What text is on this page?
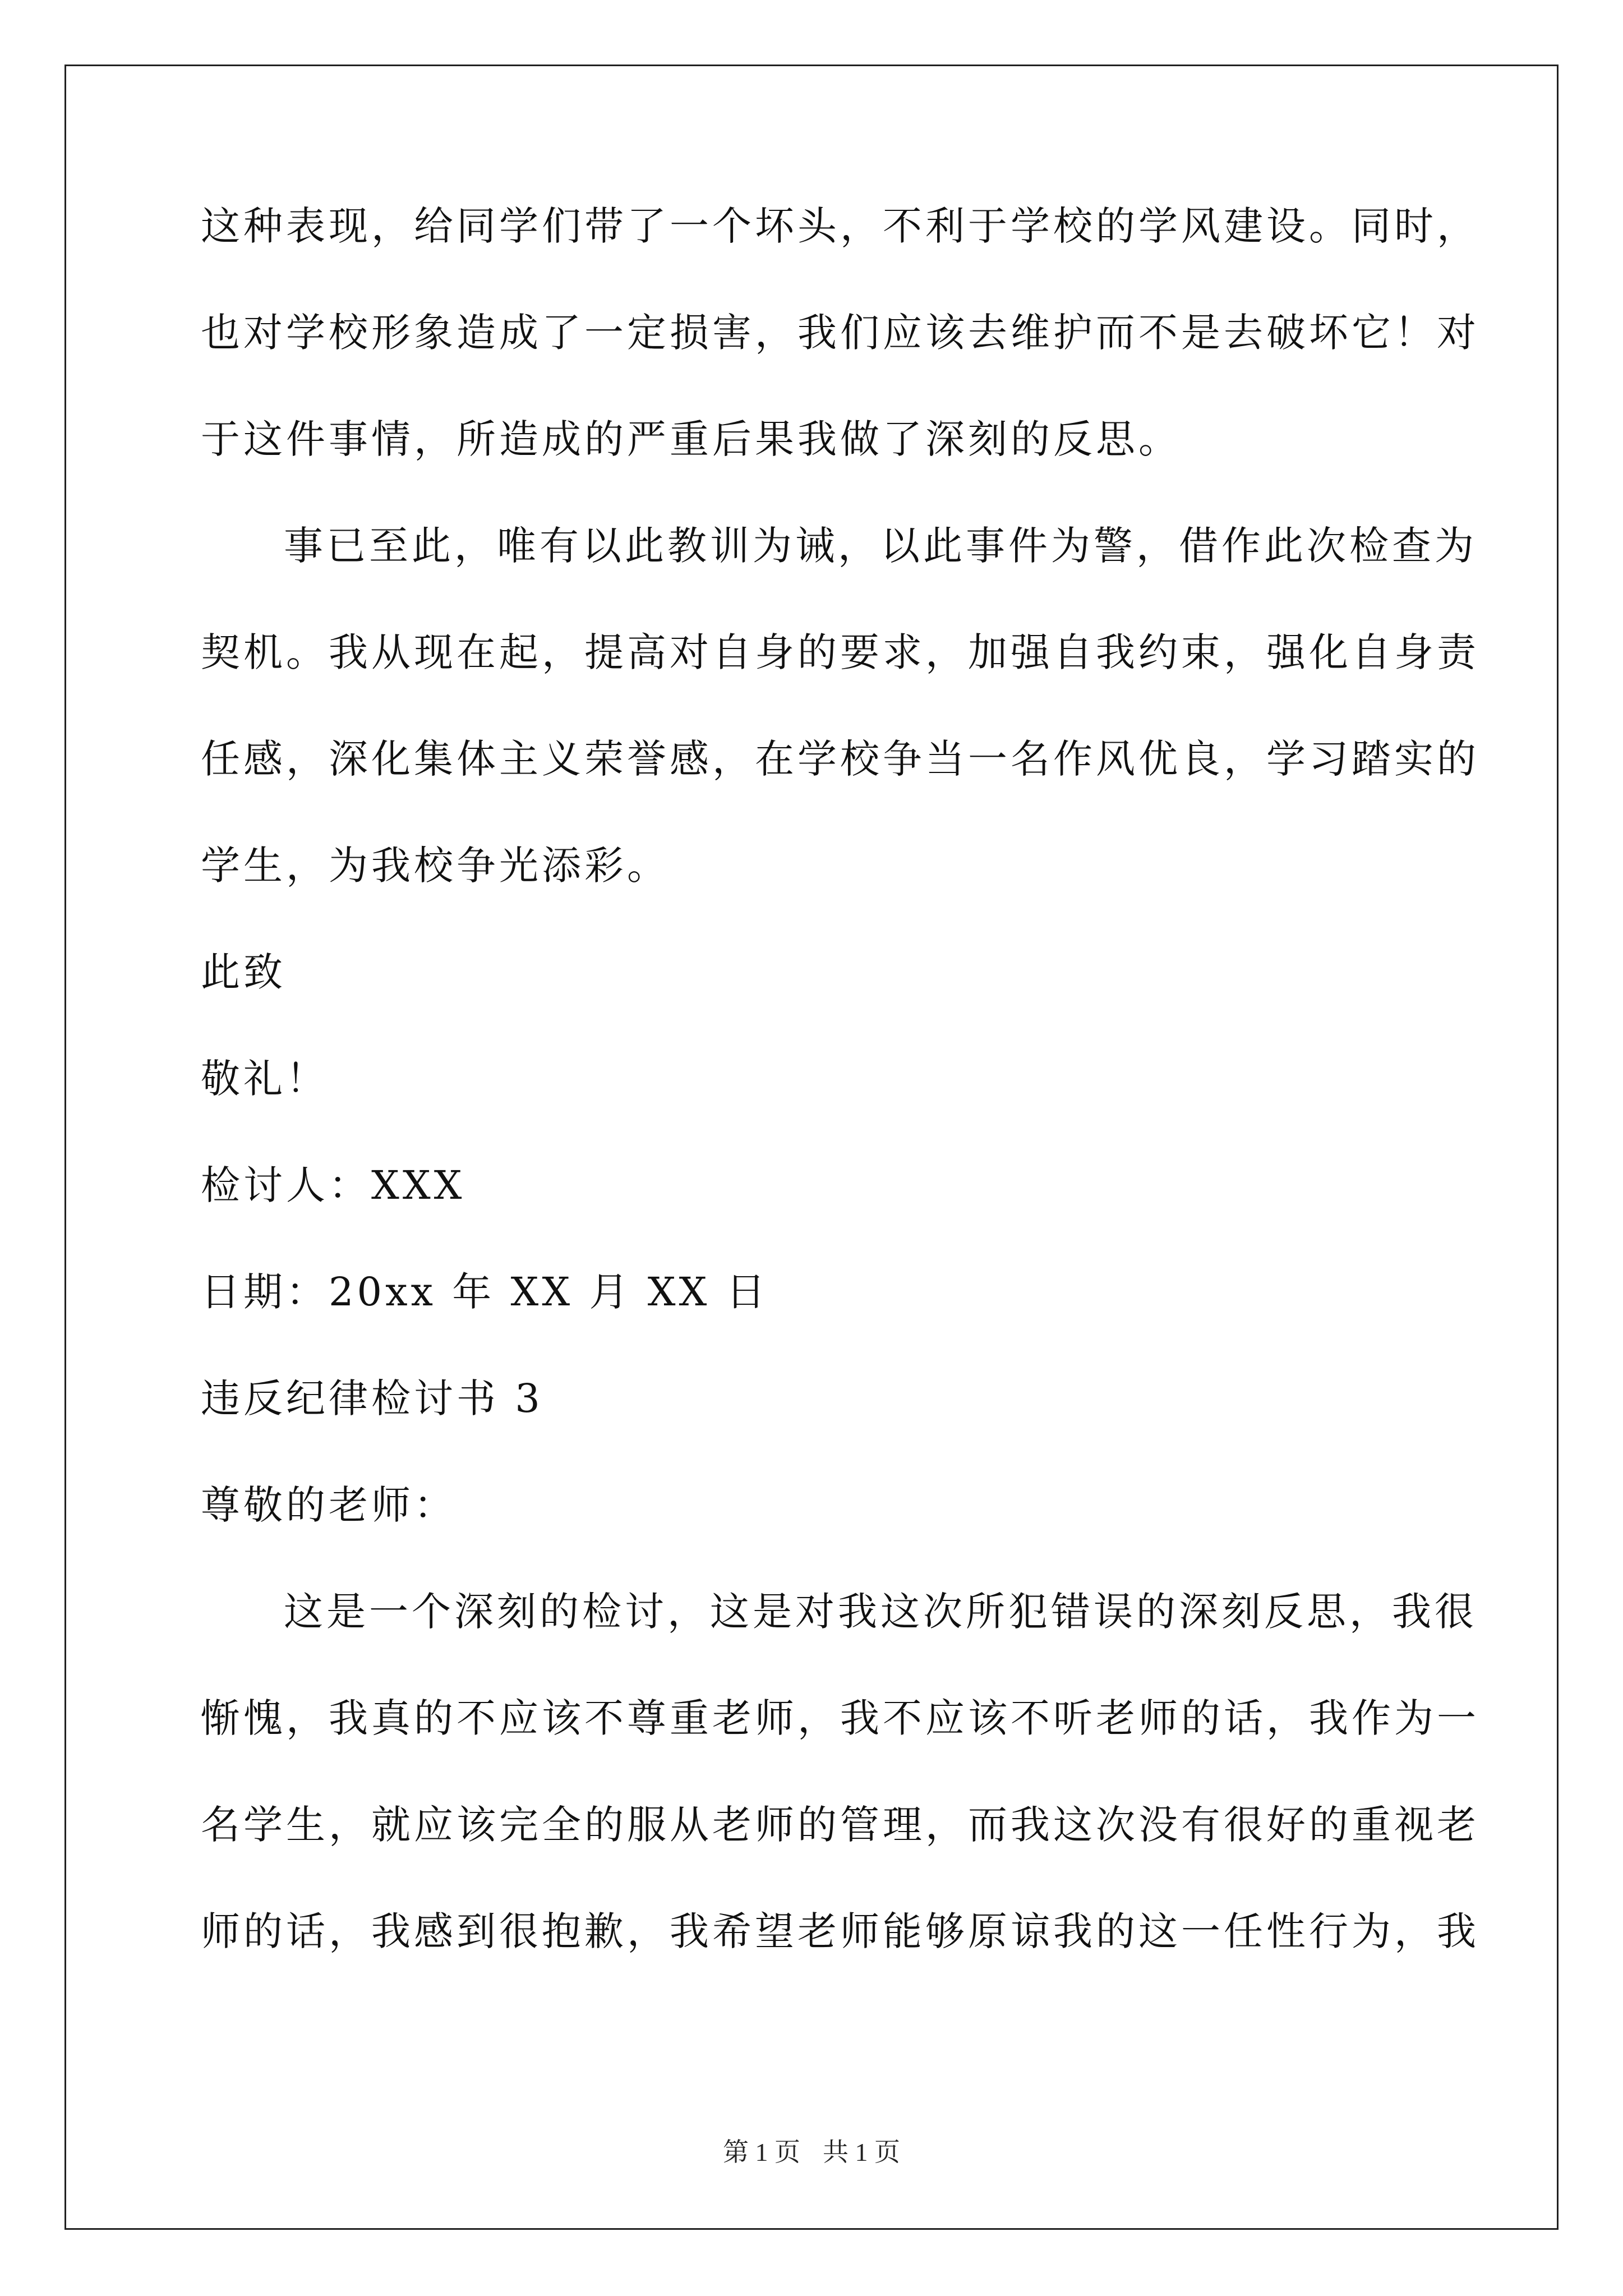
这种表现，给同学们带了一个坏头，不利于学校的学风建设。同时，
也对学校形象造成了一定损害，我们应该去维护而不是去破坏它！对
于这件事情，所造成的严重后果我做了深刻的反思。
事已至此，唯有以此教训为诫，以此事件为警，借作此次检查为
契机。我从现在起，提高对自身的要求，加强自我约束，强化自身责
任感，深化集体主义荣誉感，在学校争当一名作风优良，学习踏实的
学生，为我校争光添彩。
此致
敬礼！
检讨人：XXX
日期：20xx 年 XX 月 XX 日
违反纪律检讨书 3
尊敬的老师：
这是一个深刻的检讨，这是对我这次所犯错误的深刻反思，我很
惭愧，我真的不应该不尊重老师，我不应该不听老师的话，我作为一
名学生，就应该完全的服从老师的管理，而我这次没有很好的重视老
师的话，我感到很抱歉，我希望老师能够原谅我的这一任性行为，我
第 1 页 共 1 页
